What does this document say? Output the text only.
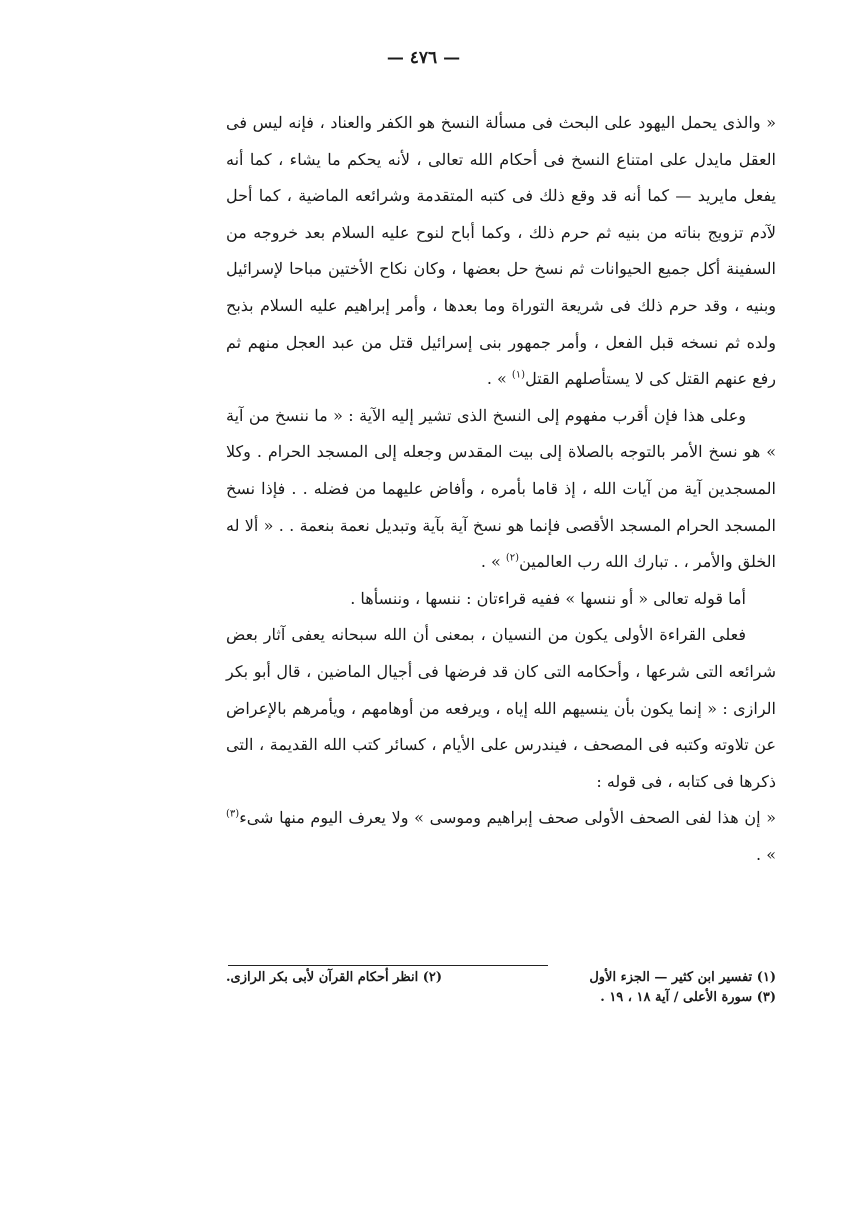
— ٤٧٦ —

« والذى يحمل اليهود على البحث فى مسألة النسخ هو الكفر والعناد ، فإنه ليس فى العقل مايدل على امتناع النسخ فى أحكام الله تعالى ، لأنه يحكم ما يشاء ، كما أنه يفعل مايريد — كما أنه قد وقع ذلك فى كتبه المتقدمة وشرائعه الماضية ، كما أحل لآدم تزويج بناته من بنيه ثم حرم ذلك ، وكما أباح لنوح عليه السلام بعد خروجه من السفينة أكل جميع الحيوانات ثم نسخ حل بعضها ، وكان نكاح الأختين مباحا لإسرائيل وبنيه ، وقد حرم ذلك فى شريعة التوراة وما بعدها ، وأمر إبراهيم عليه السلام بذبح ولده ثم نسخه قبل الفعل ، وأمر جمهور بنى إسرائيل قتل من عبد العجل منهم ثم رفع عنهم القتل كى لا يستأصلهم القتل$^{(١)}$ » .

وعلى هذا فإن أقرب مفهوم إلى النسخ الذى تشير إليه الآية : « ما ننسخ من آية » هو نسخ الأمر بالتوجه بالصلاة إلى بيت المقدس وجعله إلى المسجد الحرام . وكلا المسجدين آية من آيات الله ، إذ قاما بأمره ، وأفاض عليهما من فضله . . فإذا نسخ المسجد الحرام المسجد الأقصى فإنما هو نسخ آية بآية وتبديل نعمة بنعمة . . « ألا له الخلق والأمر ، . تبارك الله رب العالمين$^{(٢)}$ » .

أما قوله تعالى « أو ننسها » ففيه قراءتان : ننسها ، وننسأها .

فعلى القراءة الأولى يكون من النسيان ، بمعنى أن الله سبحانه يعفى آثار بعض شرائعه التى شرعها ، وأحكامه التى كان قد فرضها فى أجيال الماضين ، قال أبو بكر الرازى : « إنما يكون بأن ينسيهم الله إياه ، ويرفعه من أوهامهم ، ويأمرهم بالإعراض عن تلاوته وكتبه فى المصحف ، فيندرس على الأيام ، كسائر كتب الله القديمة ، التى ذكرها فى كتابه ، فى قوله :

« إن هذا لفى الصحف الأولى صحف إبراهيم وموسى » ولا يعرف اليوم منها شىء$^{(٣)}$ » .

(١) تفسير ابن كثير — الجزء الأول
(٢) انظر أحكام القرآن لأبى بكر الرازى.
(٣) سورة الأعلى / آية ١٨ ، ١٩ .
